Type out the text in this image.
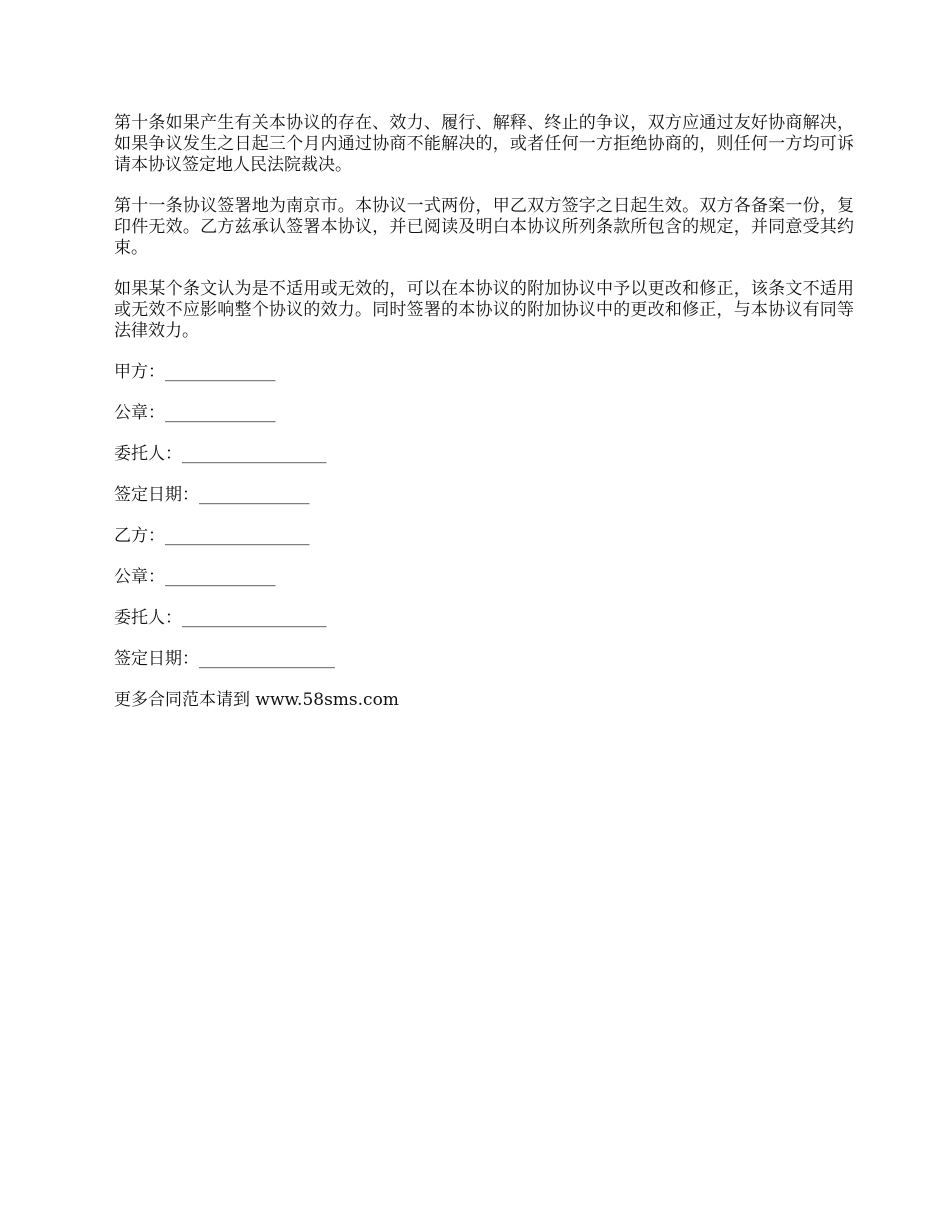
第十条如果产生有关本协议的存在、效力、履行、解释、终止的争议，双方应通过友好协商解决，如果争议发生之日起三个月内通过协商不能解决的，或者任何一方拒绝协商的，则任何一方均可诉请本协议签定地人民法院裁决。

第十一条协议签署地为南京市。本协议一式两份，甲乙双方签字之日起生效。双方各备案一份，复印件无效。乙方兹承认签署本协议，并已阅读及明白本协议所列条款所包含的规定，并同意受其约束。

如果某个条文认为是不适用或无效的，可以在本协议的附加协议中予以更改和修正，该条文不适用或无效不应影响整个协议的效力。同时签署的本协议的附加协议中的更改和修正，与本协议有同等法律效力。

甲方：_____________
公章：_____________
委托人：_________________
签定日期：_____________
乙方：_________________
公章：_____________
委托人：_________________
签定日期：________________
更多合同范本请到 www.58sms.com
